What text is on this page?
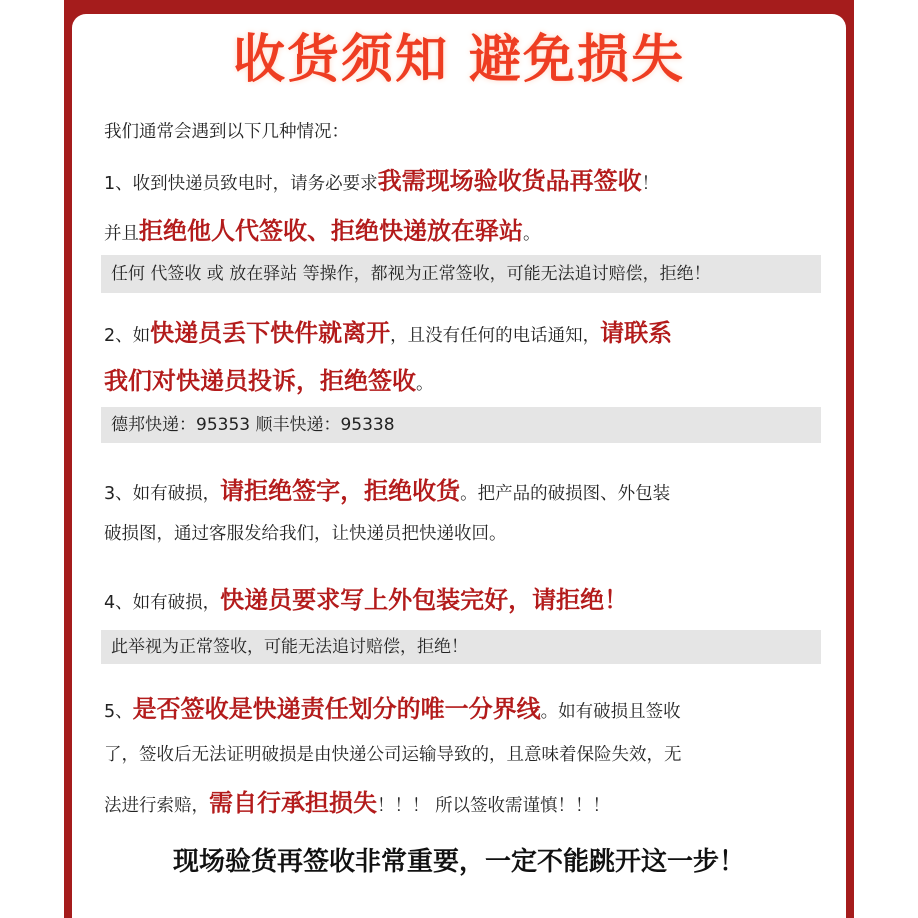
收货须知 避免损失
我们通常会遇到以下几种情况：
1、收到快递员致电时，请务必要求我需现场验收货品再签收！
并且拒绝他人代签收、拒绝快递放在驿站。
任何 代签收 或 放在驿站 等操作，都视为正常签收，可能无法追讨赔偿，拒绝！
2、如快递员丢下快件就离开，且没有任何的电话通知，请联系
我们对快递员投诉，拒绝签收。
德邦快递：95353 顺丰快递：95338
3、如有破损，请拒绝签字，拒绝收货。把产品的破损图、外包装
破损图，通过客服发给我们，让快递员把快递收回。
4、如有破损，快递员要求写上外包装完好，请拒绝！
此举视为正常签收，可能无法追讨赔偿，拒绝！
5、是否签收是快递责任划分的唯一分界线。如有破损且签收
了，签收后无法证明破损是由快递公司运输导致的，且意味着保险失效，无
法进行索赔，需自行承担损失！！！ 所以签收需谨慎！！！
现场验货再签收非常重要，一定不能跳开这一步！
